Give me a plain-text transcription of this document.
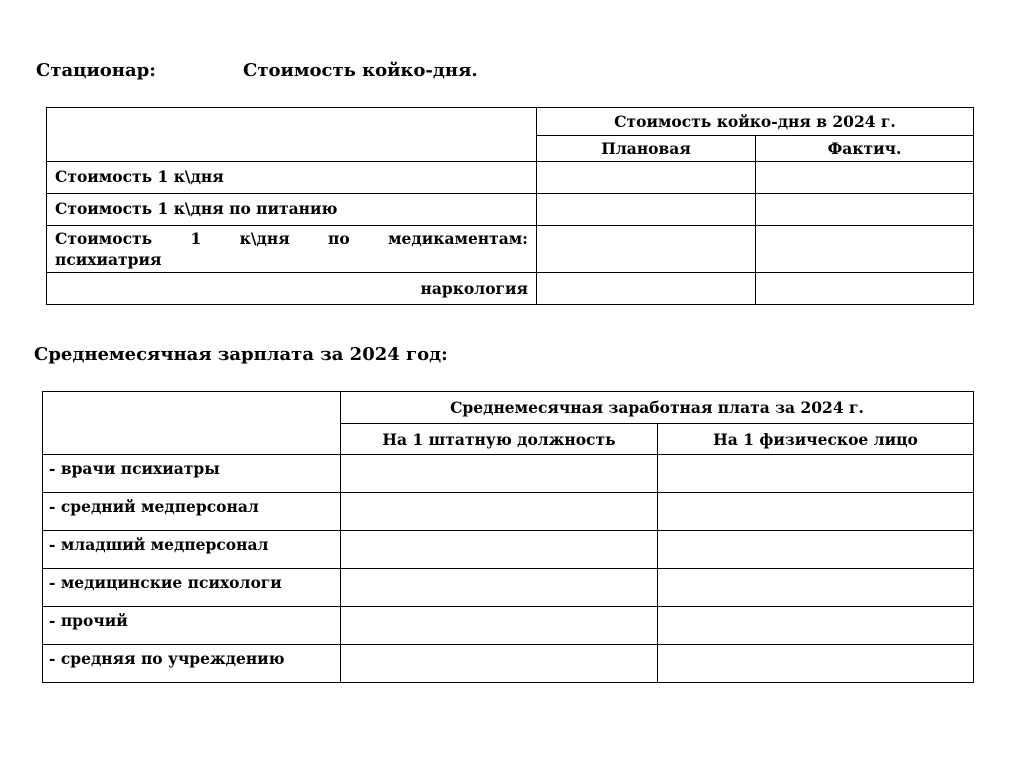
Стационар:	Стоимость койко-дня.
	Стоимость койко-дня в 2024 г.	
	Плановая	Фактич.
Стоимость 1 к\дня		
Стоимость 1 к\дня по питанию		

Стоимость 1 к\дня по медикаментам:
психиатрия		

наркология		
Среднемесячная зарплата за 2024 год:
	Среднемесячная заработная плата за 2024 г.	
	На 1 штатную должность	На 1 физическое лицо
- врачи психиатры		
- средний медперсонал		
- младший медперсонал		
- медицинские психологи		
- прочий		
- средняя по учреждению		
